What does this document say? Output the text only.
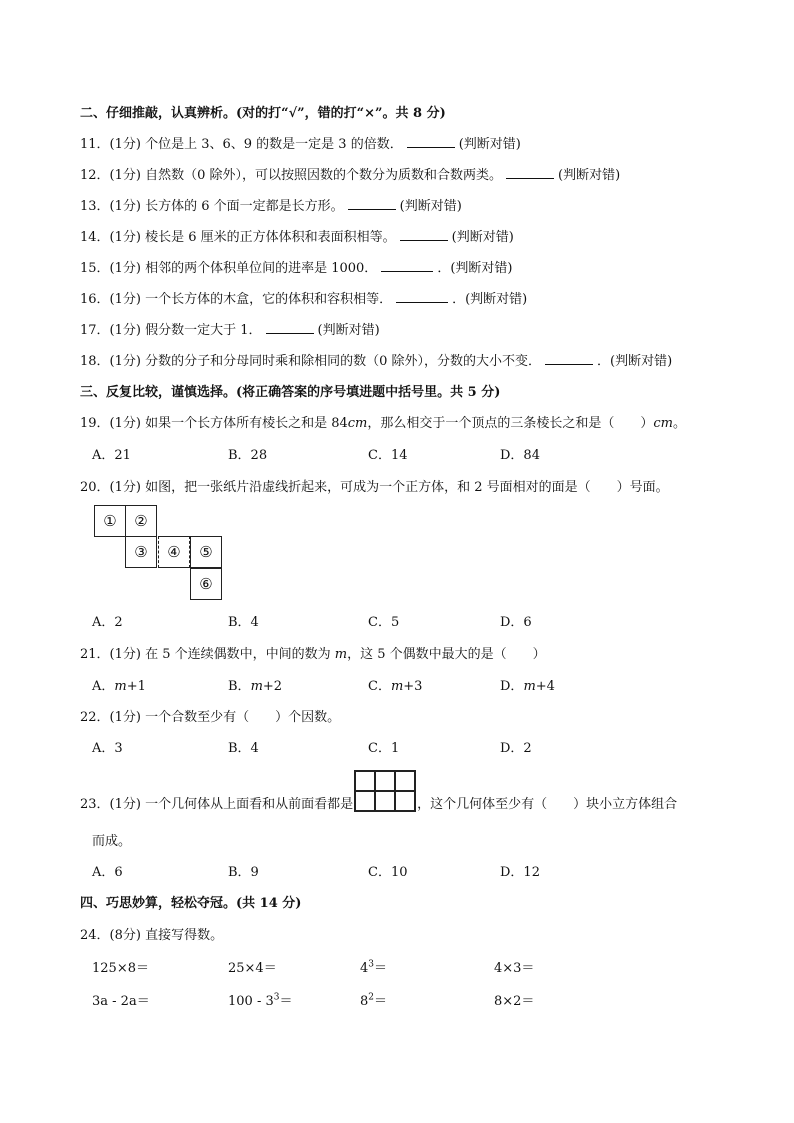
二、仔细推敲，认真辨析。(对的打“√”，错的打“×”。共 8 分)
11．(1分) 个位是上 3、6、9 的数是一定是 3 的倍数．	(判断对错)
12．(1分) 自然数（0 除外），可以按照因数的个数分为质数和合数两类。	(判断对错)
13．(1分) 长方体的 6 个面一定都是长方形。	(判断对错)
14．(1分) 棱长是 6 厘米的正方体体积和表面积相等。	(判断对错)
15．(1分) 相邻的两个体积单位间的进率是 1000．	．(判断对错)
16．(1分) 一个长方体的木盒，它的体积和容积相等．	．(判断对错)
17．(1分) 假分数一定大于 1．	(判断对错)
18．(1分) 分数的分子和分母同时乘和除相同的数（0 除外），分数的大小不变．	．(判断对错)
三、反复比较，谨慎选择。(将正确答案的序号填进题中括号里。共 5 分)
19．(1分) 如果一个长方体所有棱长之和是 84cm，那么相交于一个顶点的三条棱长之和是（　　）cm。
A．21	B．28	C．14	D．84
20．(1分) 如图，把一张纸片沿虚线折起来，可成为一个正方体，和 2 号面相对的面是（　　）号面。
①	②
③	④	⑤
⑥
A．2	B．4	C．5	D．6
21．(1分) 在 5 个连续偶数中，中间的数为 m，这 5 个偶数中最大的是（　　）
A．m+1	B．m+2	C．m+3	D．m+4
22．(1分) 一个合数至少有（　　）个因数。
A．3	B．4	C．1	D．2
23．(1分) 一个几何体从上面看和从前面看都是	，这个几何体至少有（　　）块小立方体组合
而成。
A．6	B．9	C．10	D．12
四、巧思妙算，轻松夺冠。(共 14 分)
24．(8分) 直接写得数。
125×8＝	25×4＝	$4^3=$	4×3＝
3a - 2a＝	$100 - 3^3=$	$8^2=$	8×2＝
